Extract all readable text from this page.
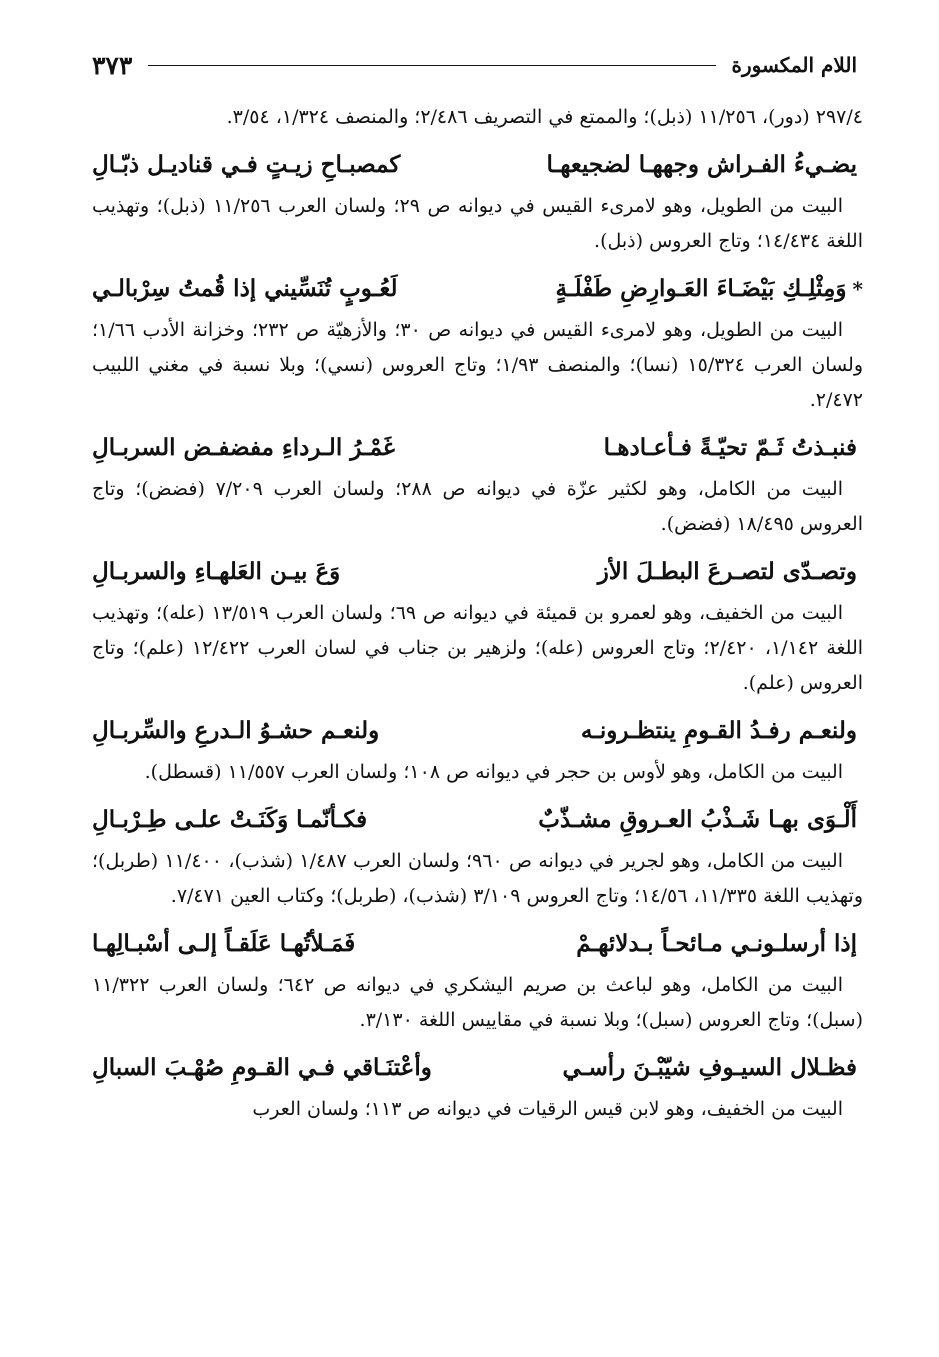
اللام المكسورة
٣٧٣

٢٩٧/٤ (دور)، ١١/٢٥٦ (ذبل)؛ والممتع في التصريف ٢/٤٨٦؛ والمنصف ١/٣٢٤، ٣/٥٤.

يضـيءُ الفـراش وجههـا لضجيعهـا
كمصبـاحِ زيـتٍ فـي قناديـل ذبّـالِ

البيت من الطويل، وهو لامرىء القيس في ديوانه ص ٢٩؛ ولسان العرب ١١/٢٥٦ (ذبل)؛ وتهذيب اللغة ١٤/٤٣٤؛ وتاج العروس (ذبل).

*
وَمِثْلِـكِ بَيْضَـاءَ العَـوارِضِ طَفْلَـةٍ
لَعُـوبٍ تُنَسِّيني إذا قُمتُ سِرْبالـي

البيت من الطويل، وهو لامرىء القيس في ديوانه ص ٣٠؛ والأزهيّة ص ٢٣٢؛ وخزانة الأدب ١/٦٦؛ ولسان العرب ١٥/٣٢٤ (نسا)؛ والمنصف ١/٩٣؛ وتاج العروس (نسي)؛ وبلا نسبة في مغني اللبيب ٢/٤٧٢.

فنبـذتُ ثَـمّ تحيّـةً فـأعـادهـا
غَمْـرُ الـرداءِ مفضفـض السربـالِ

البيت من الكامل، وهو لكثير عزّة في ديوانه ص ٢٨٨؛ ولسان العرب ٧/٢٠٩ (فضض)؛ وتاج العروس ١٨/٤٩٥ (فضض).

وتصـدّى لتصـرعَ البطـلَ الأز
وَعَ بيـن العَلهـاءِ والسربـالِ

البيت من الخفيف، وهو لعمرو بن قميئة في ديوانه ص ٦٩؛ ولسان العرب ١٣/٥١٩ (عله)؛ وتهذيب اللغة ١/١٤٢، ٢/٤٢٠؛ وتاج العروس (عله)؛ ولزهير بن جناب في لسان العرب ١٢/٤٢٢ (علم)؛ وتاج العروس (علم).

ولنعـم رفـدُ القـومِ ينتظـرونـه
ولنعـم حشـوُ الـدرعِ والسِّربـالِ

البيت من الكامل، وهو لأوس بن حجر في ديوانه ص ١٠٨؛ ولسان العرب ١١/٥٥٧ (قسطل).

أَلْـوَى بهـا شَـذْبُ العـروقِ مشـذّبٌ
فكـأنّمـا وَكَنَـتْ علـى طِـرْبـالِ

البيت من الكامل، وهو لجرير في ديوانه ص ٩٦٠؛ ولسان العرب ١/٤٨٧ (شذب)، ١١/٤٠٠ (طربل)؛ وتهذيب اللغة ١١/٣٣٥، ١٤/٥٦؛ وتاج العروس ٣/١٠٩ (شذب)، (طربل)؛ وكتاب العين ٧/٤٧١.

إذا أرسلـونـي مـائحـاً بـدلائهـمْ
فَمَـلأتُهـا عَلَقـاً إلـى أسْبـالِهـا

البيت من الكامل، وهو لباعث بن صريم اليشكري في ديوانه ص ٦٤٢؛ ولسان العرب ١١/٣٢٢ (سبل)؛ وتاج العروس (سبل)؛ وبلا نسبة في مقاييس اللغة ٣/١٣٠.

فظـلال السيـوفِ شيّبْـنَ رأسـي
وأعْتنَـاقي فـي القـومِ صُهْـبَ السبالِ

البيت من الخفيف، وهو لابن قيس الرقيات في ديوانه ص ١١٣؛ ولسان العرب
